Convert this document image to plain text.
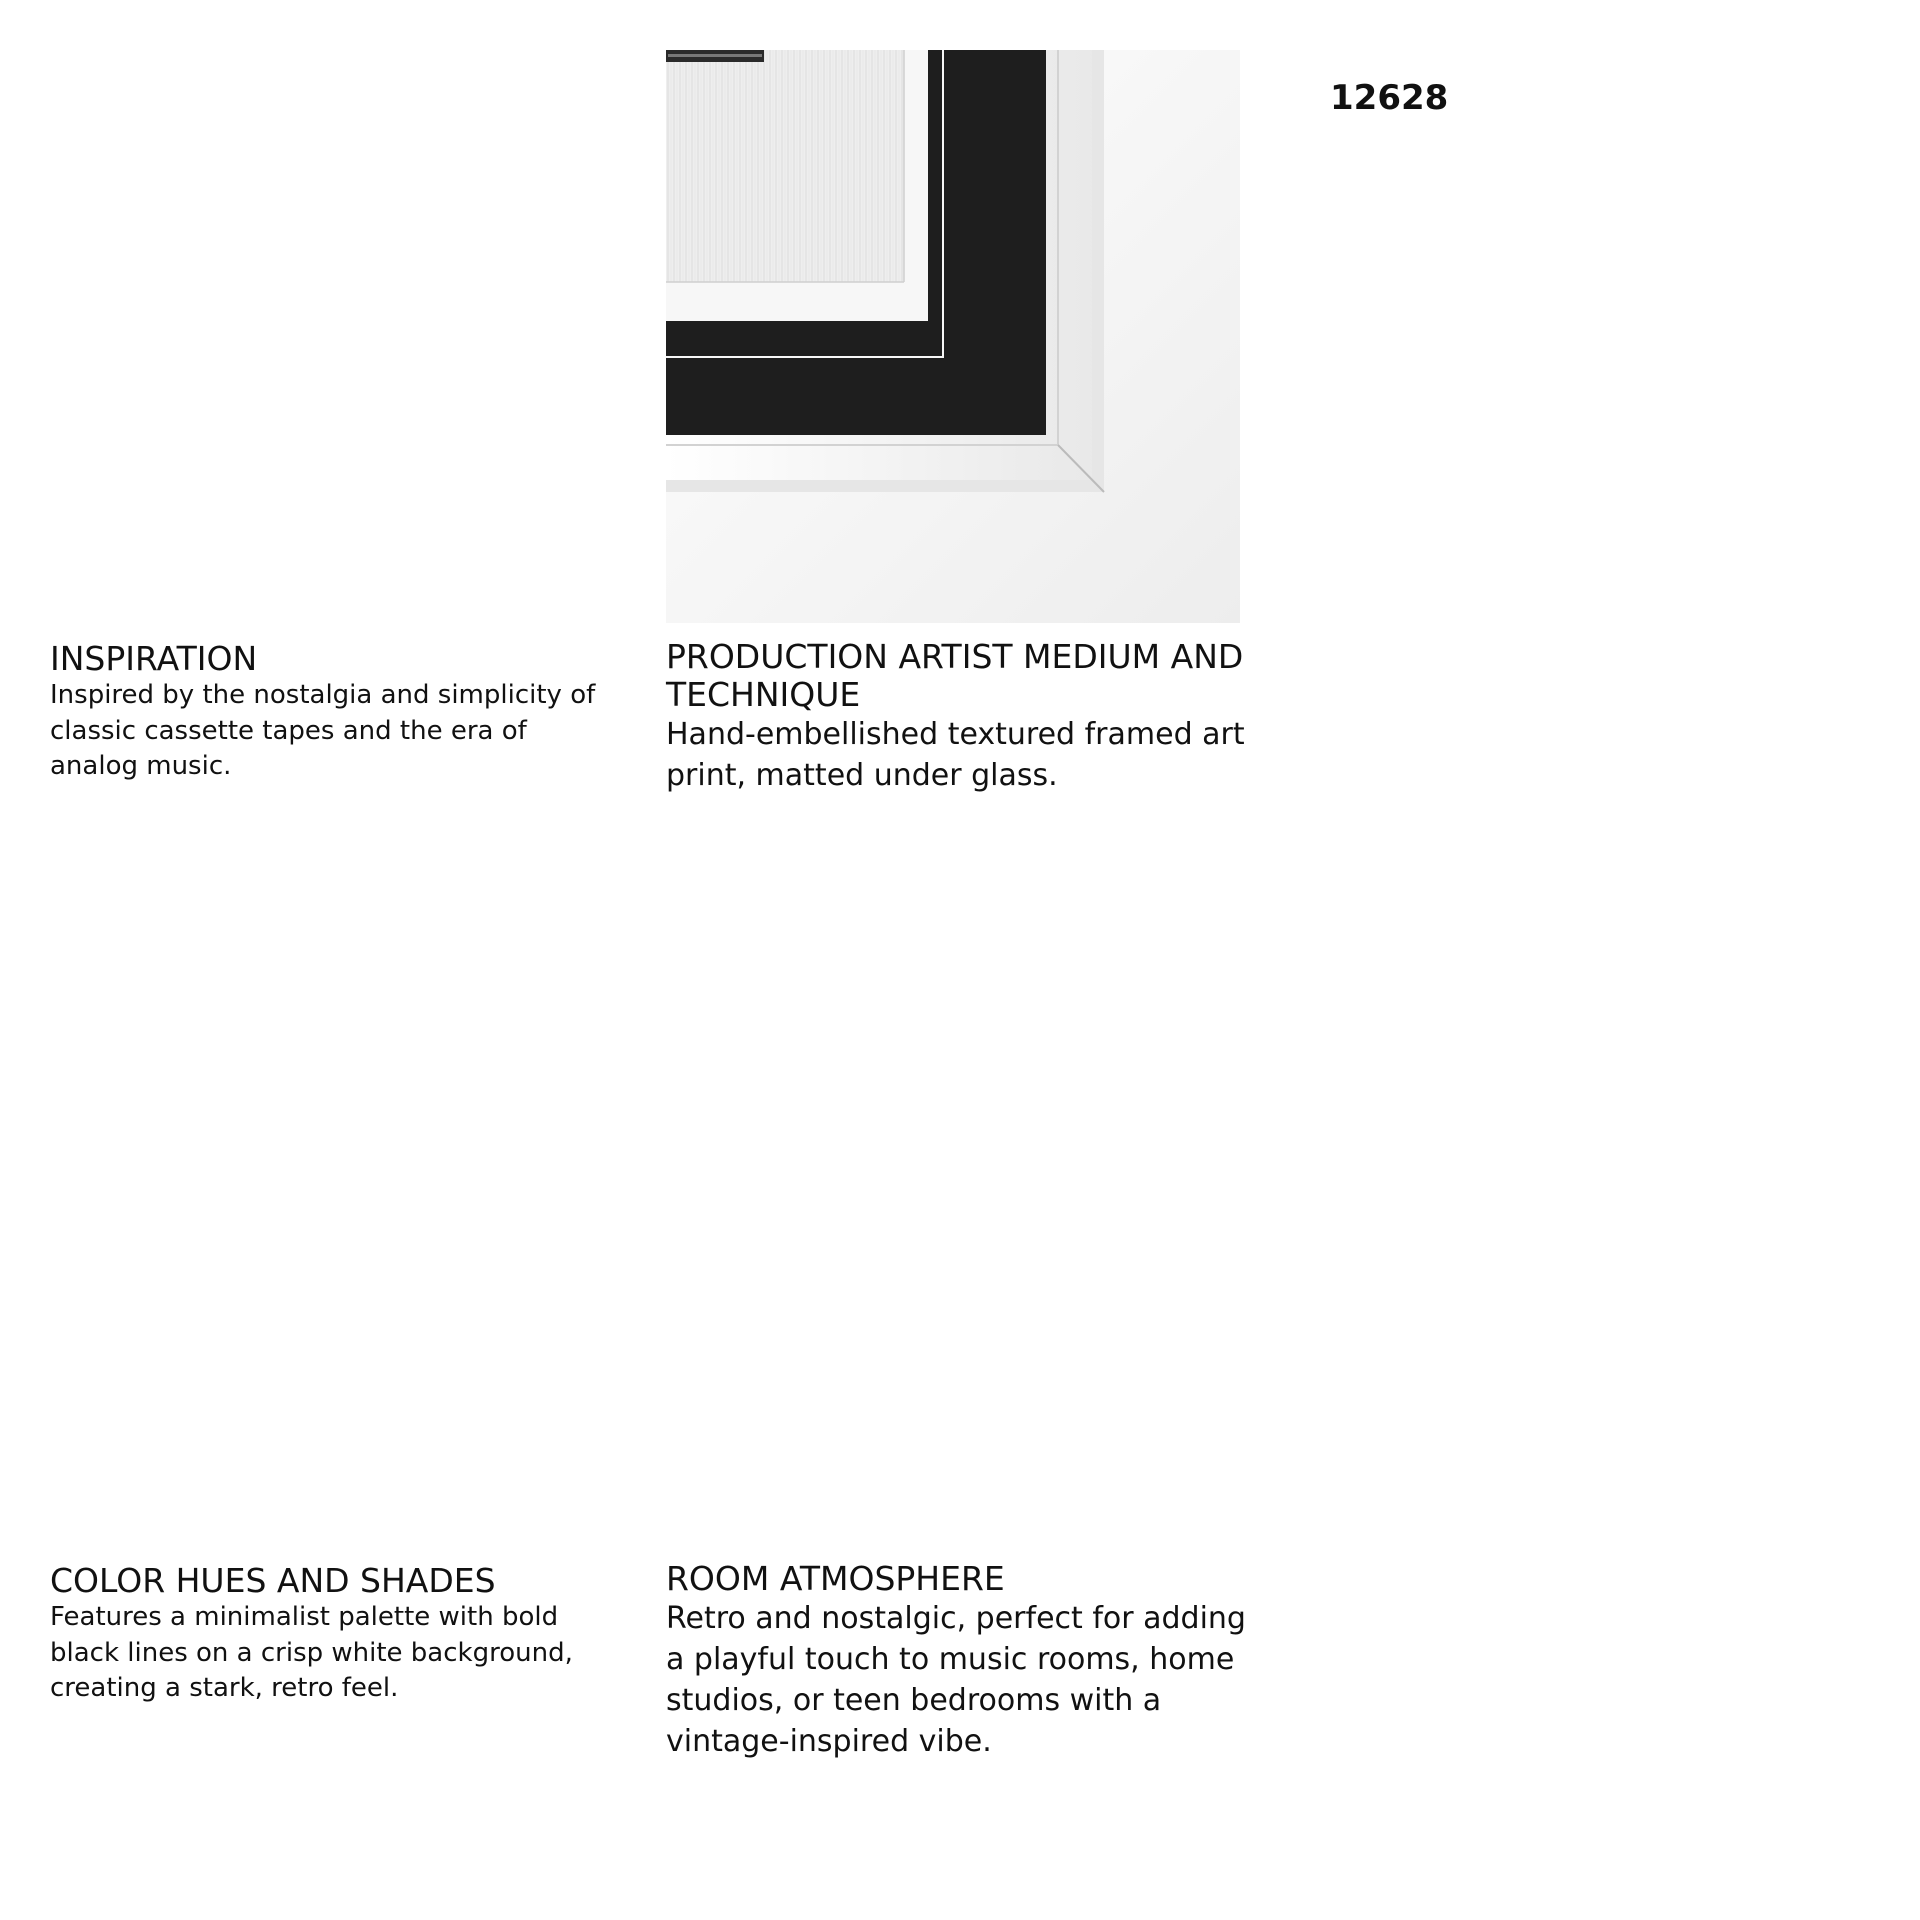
12628
INSPIRATION

Inspired by the nostalgia and simplicity of classic cassette tapes and the era of analog music.

PRODUCTION ARTIST MEDIUM AND TECHNIQUE

Hand-embellished textured framed art print, matted under glass.

COLOR HUES AND SHADES

Features a minimalist palette with bold black lines on a crisp white background, creating a stark, retro feel.

ROOM ATMOSPHERE

Retro and nostalgic, perfect for adding a playful touch to music rooms, home studios, or teen bedrooms with a vintage-inspired vibe.
